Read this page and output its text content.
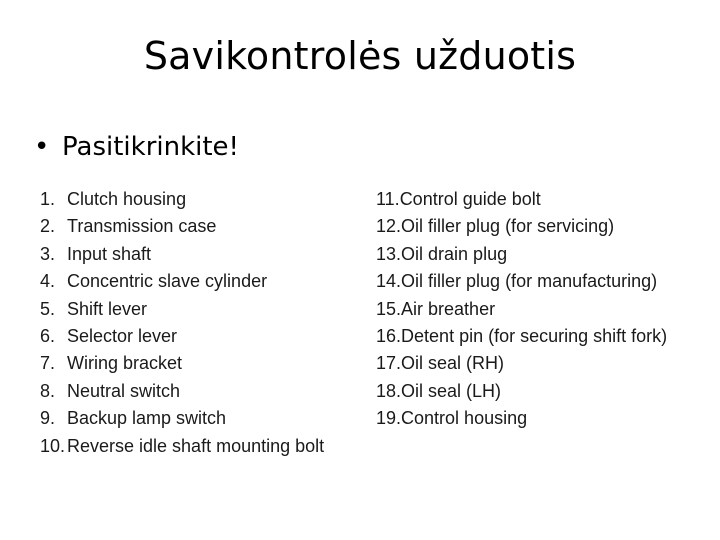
Savikontrolės užduotis
• Pasitikrinkite!
1. Clutch housing
2. Transmission case
3. Input shaft
4. Concentric slave cylinder
5. Shift lever
6. Selector lever
7. Wiring bracket
8. Neutral switch
9. Backup lamp switch
10. Reverse idle shaft mounting bolt
11.Control guide bolt
12.Oil filler plug (for servicing)
13.Oil drain plug
14.Oil filler plug (for manufacturing)
15.Air breather
16.Detent pin (for securing shift fork)
17.Oil seal (RH)
18.Oil seal (LH)
19.Control housing
